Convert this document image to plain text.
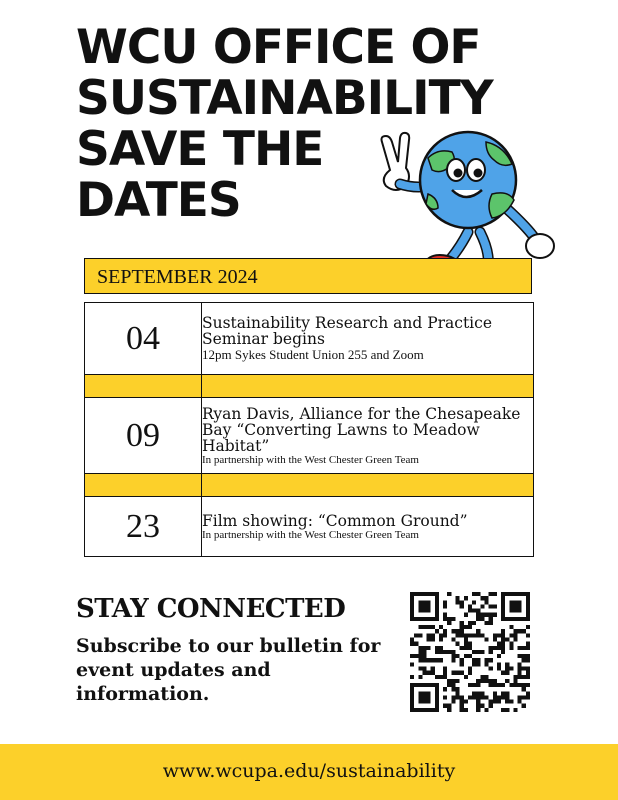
WCU OFFICE OF
SUSTAINABILITY
SAVE THE
DATES
SEPTEMBER 2024
04	Sustainability Research and Practice Seminar begins
12pm Sykes Student Union 255 and Zoom

09	Ryan Davis, Alliance for the Chesapeake Bay “Converting Lawns to Meadow Habitat”
In partnership with the West Chester Green Team

23	Film showing: “Common Ground”
In partnership with the West Chester Green Team
STAY CONNECTED

Subscribe to our bulletin for event updates and information.

www.wcupa.edu/sustainability
